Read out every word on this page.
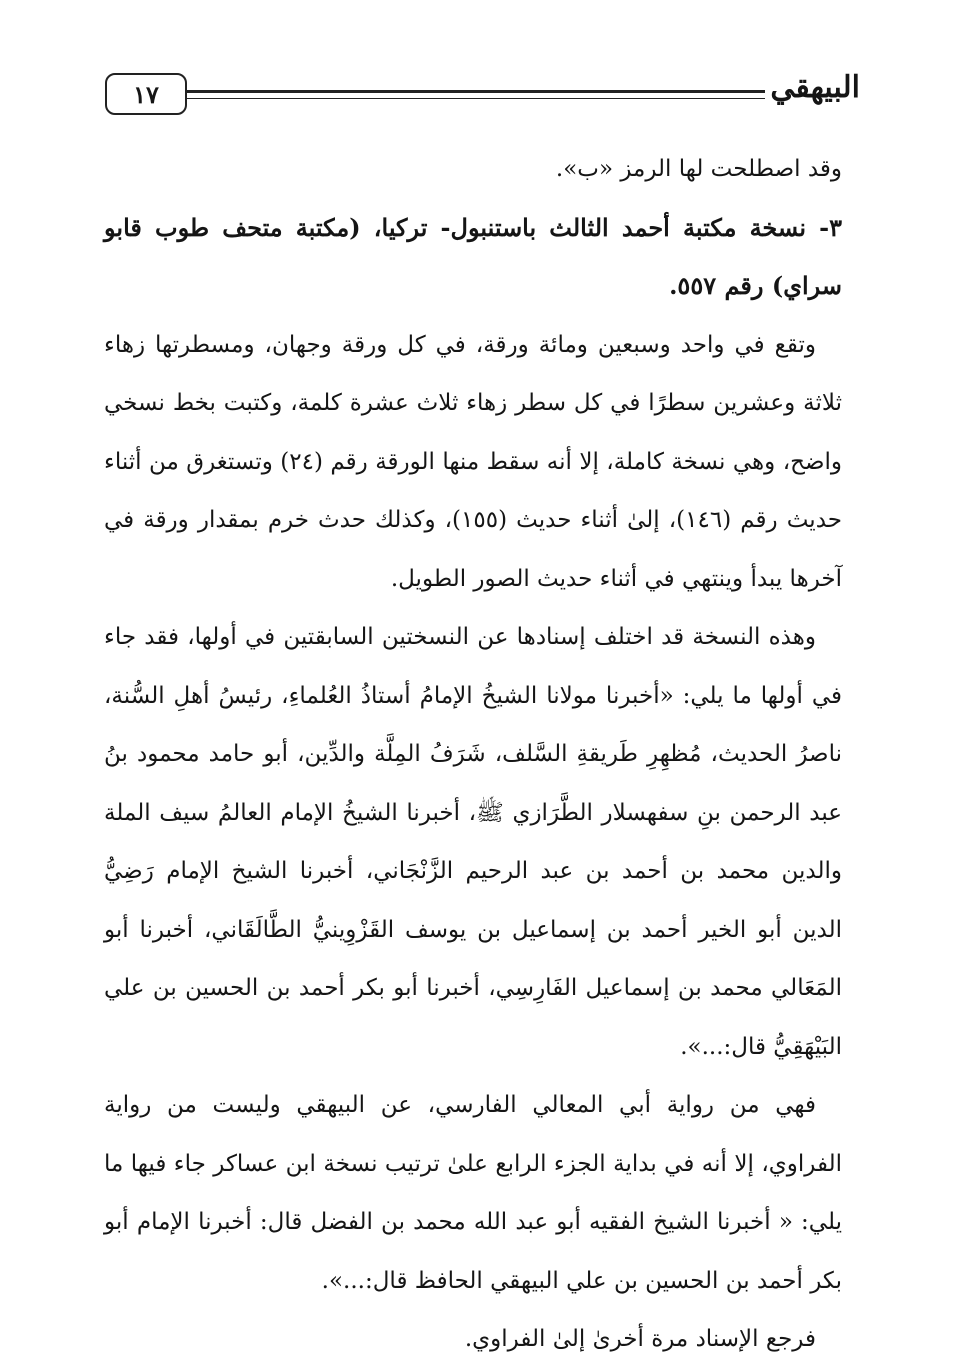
١٧	البيهقي

وقد اصطلحت لها الرمز «ب».

٣- نسخة مكتبة أحمد الثالث باستنبول- تركيا، (مكتبة متحف طوب قابو سراي) رقم ٥٥٧.

وتقع في واحد وسبعين ومائة ورقة، في كل ورقة وجهان، ومسطرتها زهاء ثلاثة وعشرين سطرًا في كل سطر زهاء ثلاث عشرة كلمة، وكتبت بخط نسخي واضح، وهي نسخة كاملة، إلا أنه سقط منها الورقة رقم (٢٤) وتستغرق من أثناء حديث رقم (١٤٦)، إلىٰ أثناء حديث (١٥٥)، وكذلك حدث خرم بمقدار ورقة في آخرها يبدأ وينتهي في أثناء حديث الصور الطويل.

وهذه النسخة قد اختلف إسنادها عن النسختين السابقتين في أولها، فقد جاء في أولها ما يلي: «أخبرنا مولانا الشيخُ الإمامُ أستاذُ العُلماءِ، رئيسُ أهلِ السُّنة، ناصرُ الحديث، مُظهِرِ طَريقةِ السَّلف، شَرَفُ المِلَّة والدِّين، أبو حامد محمود بنُ عبد الرحمن بنِ سفهسلار الطَّرَازي ﷺ، أخبرنا الشيخُ الإمام العالمُ سيف الملة والدين محمد بن أحمد بن عبد الرحيم الزَّنْجَاني، أخبرنا الشيخ الإمام رَضِيُّ الدين أبو الخير أحمد بن إسماعيل بن يوسف القَزْوِينيُّ الطَّالَقَاني، أخبرنا أبو المَعَالي محمد بن إسماعيل الفَارِسِي، أخبرنا أبو بكر أحمد بن الحسين بن علي البَيْهَقِيُّ قال:...».

فهي من رواية أبي المعالي الفارسي، عن البيهقي وليست من رواية الفراوي، إلا أنه في بداية الجزء الرابع علىٰ ترتيب نسخة ابن عساكر جاء فيها ما يلي: « أخبرنا الشيخ الفقيه أبو عبد الله محمد بن الفضل قال: أخبرنا الإمام أبو بكر أحمد بن الحسين بن علي البيهقي الحافظ قال:...».

فرجع الإسناد مرة أخرىٰ إلىٰ الفراوي.
